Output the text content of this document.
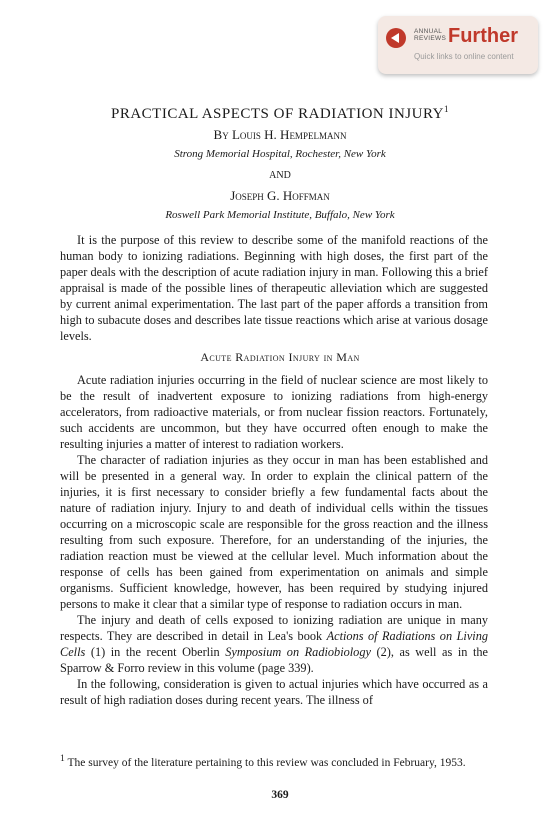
ANNUAL REVIEWS Further
Quick links to online content
PRACTICAL ASPECTS OF RADIATION INJURY$^1$
By Louis H. Hempelmann
Strong Memorial Hospital, Rochester, New York
AND
Joseph G. Hoffman
Roswell Park Memorial Institute, Buffalo, New York

It is the purpose of this review to describe some of the manifold reactions of the human body to ionizing radiations. Beginning with high doses, the first part of the paper deals with the description of acute radiation injury in man. Following this a brief appraisal is made of the possible lines of therapeutic alleviation which are suggested by current animal experimentation. The last part of the paper affords a transition from high to subacute doses and describes late tissue reactions which arise at various dosage levels.

Acute Radiation Injury in Man

Acute radiation injuries occurring in the field of nuclear science are most likely to be the result of inadvertent exposure to ionizing radiations from high-energy accelerators, from radioactive materials, or from nuclear fission reactors. Fortunately, such accidents are uncommon, but they have occurred often enough to make the resulting injuries a matter of interest to radiation workers.

The character of radiation injuries as they occur in man has been established and will be presented in a general way. In order to explain the clinical pattern of the injuries, it is first necessary to consider briefly a few fundamental facts about the nature of radiation injury. Injury to and death of individual cells within the tissues occurring on a microscopic scale are responsible for the gross reaction and the illness resulting from such exposure. Therefore, for an understanding of the injuries, the radiation reaction must be viewed at the cellular level. Much information about the response of cells has been gained from experimentation on animals and simple organisms. Sufficient knowledge, however, has been required by studying injured persons to make it clear that a similar type of response to radiation occurs in man.

The injury and death of cells exposed to ionizing radiation are unique in many respects. They are described in detail in Lea's book Actions of Radiations on Living Cells (1) in the recent Oberlin Symposium on Radiobiology (2), as well as in the Sparrow & Forro review in this volume (page 339).

In the following, consideration is given to actual injuries which have occurred as a result of high radiation doses during recent years. The illness of

$^1$ The survey of the literature pertaining to this review was concluded in February, 1953.
369
